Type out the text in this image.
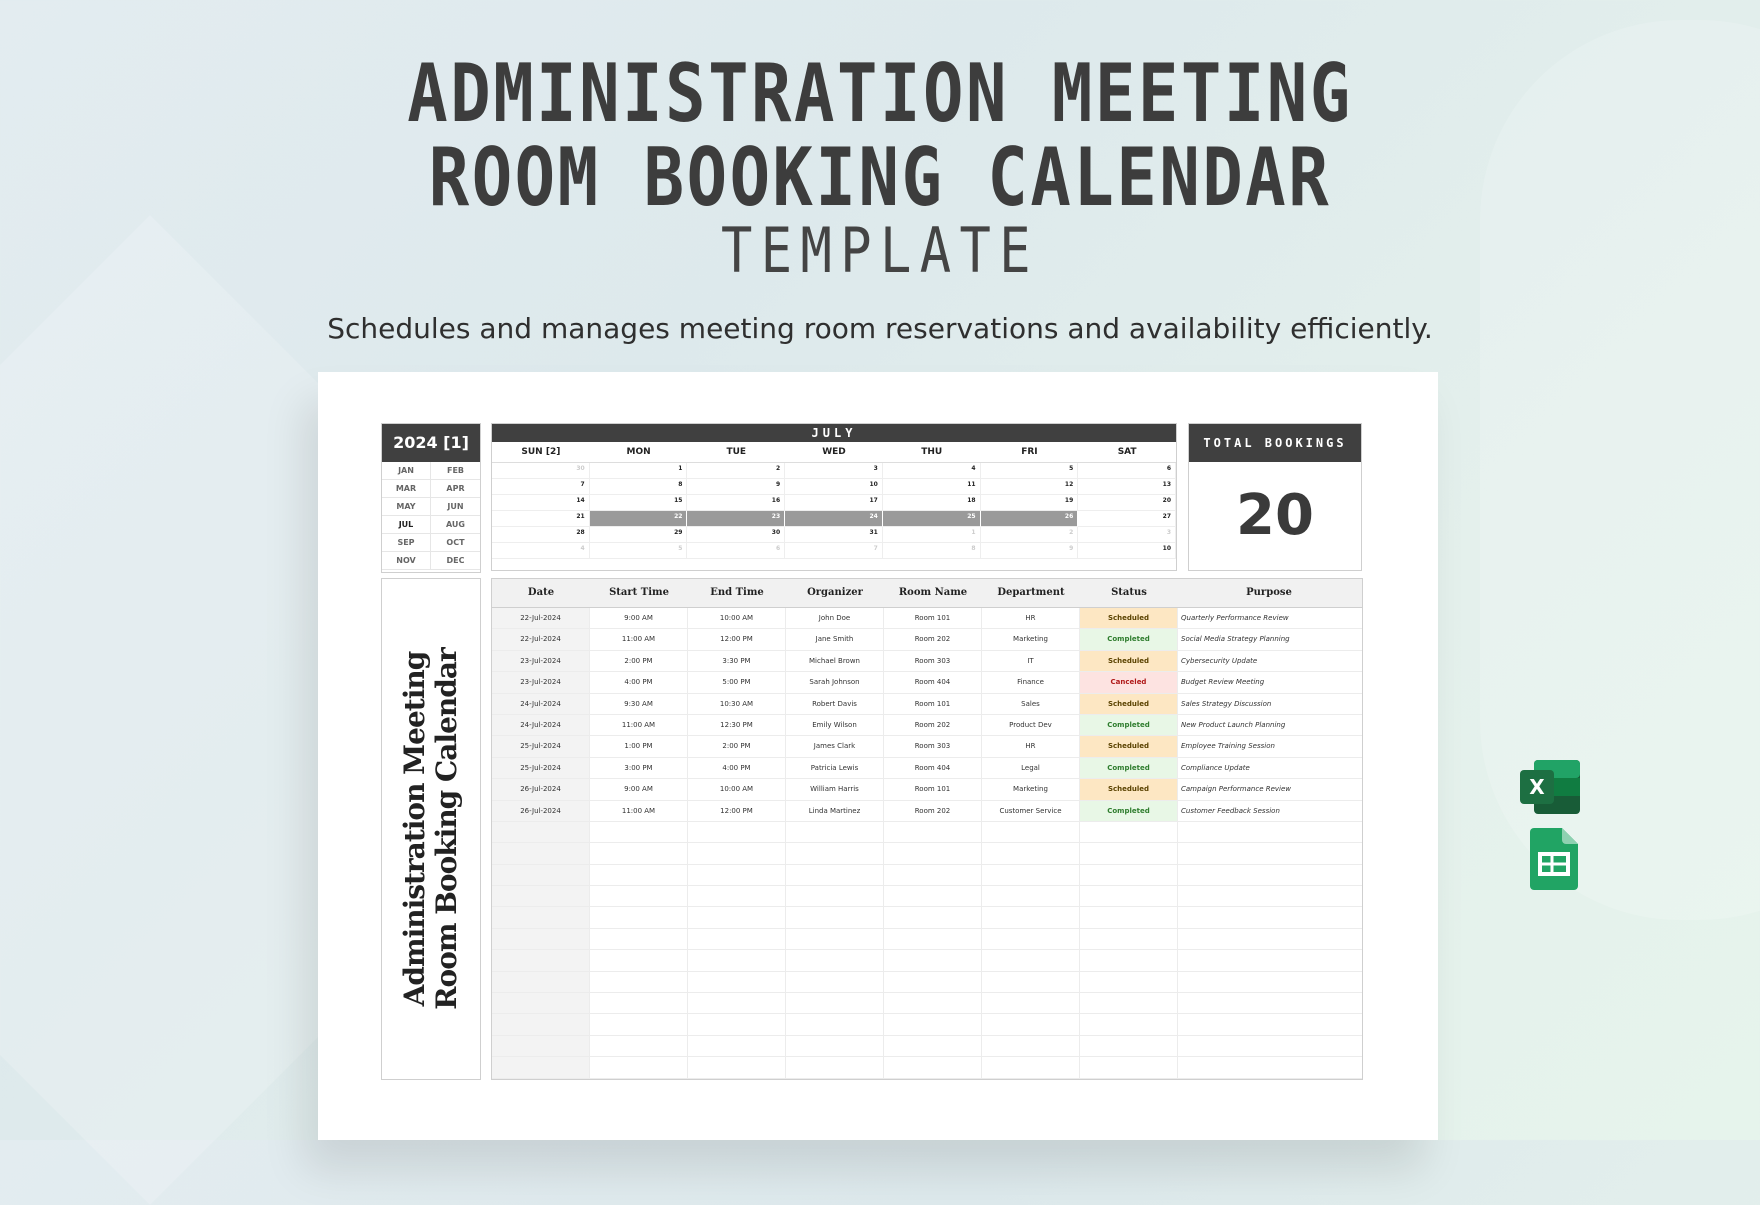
ADMINISTRATION MEETING
ROOM BOOKING CALENDAR
TEMPLATE
Schedules and manages meeting room reservations and availability efficiently.
2024 [1]
JAN	FEB
MAR	APR
MAY	JUN
JUL	AUG
SEP	OCT
NOV	DEC
JULY
SUN [2]	MON	TUE	WED	THU	FRI	SAT
30	1	2	3	4	5	6
7	8	9	10	11	12	13
14	15	16	17	18	19	20
21	22	23	24	25	26	27
28	29	30	31	1	2	3
4	5	6	7	8	9	10
TOTAL BOOKINGS
20
Administration Meeting Room Booking Calendar
Date	Start Time	End Time	Organizer	Room Name	Department	Status	Purpose
22-Jul-2024	9:00 AM	10:00 AM	John Doe	Room 101	HR	Scheduled	Quarterly Performance Review
22-Jul-2024	11:00 AM	12:00 PM	Jane Smith	Room 202	Marketing	Completed	Social Media Strategy Planning
23-Jul-2024	2:00 PM	3:30 PM	Michael Brown	Room 303	IT	Scheduled	Cybersecurity Update
23-Jul-2024	4:00 PM	5:00 PM	Sarah Johnson	Room 404	Finance	Canceled	Budget Review Meeting
24-Jul-2024	9:30 AM	10:30 AM	Robert Davis	Room 101	Sales	Scheduled	Sales Strategy Discussion
24-Jul-2024	11:00 AM	12:30 PM	Emily Wilson	Room 202	Product Dev	Completed	New Product Launch Planning
25-Jul-2024	1:00 PM	2:00 PM	James Clark	Room 303	HR	Scheduled	Employee Training Session
25-Jul-2024	3:00 PM	4:00 PM	Patricia Lewis	Room 404	Legal	Completed	Compliance Update
26-Jul-2024	9:00 AM	10:00 AM	William Harris	Room 101	Marketing	Scheduled	Campaign Performance Review
26-Jul-2024	11:00 AM	12:00 PM	Linda Martinez	Room 202	Customer Service	Completed	Customer Feedback Session
X
